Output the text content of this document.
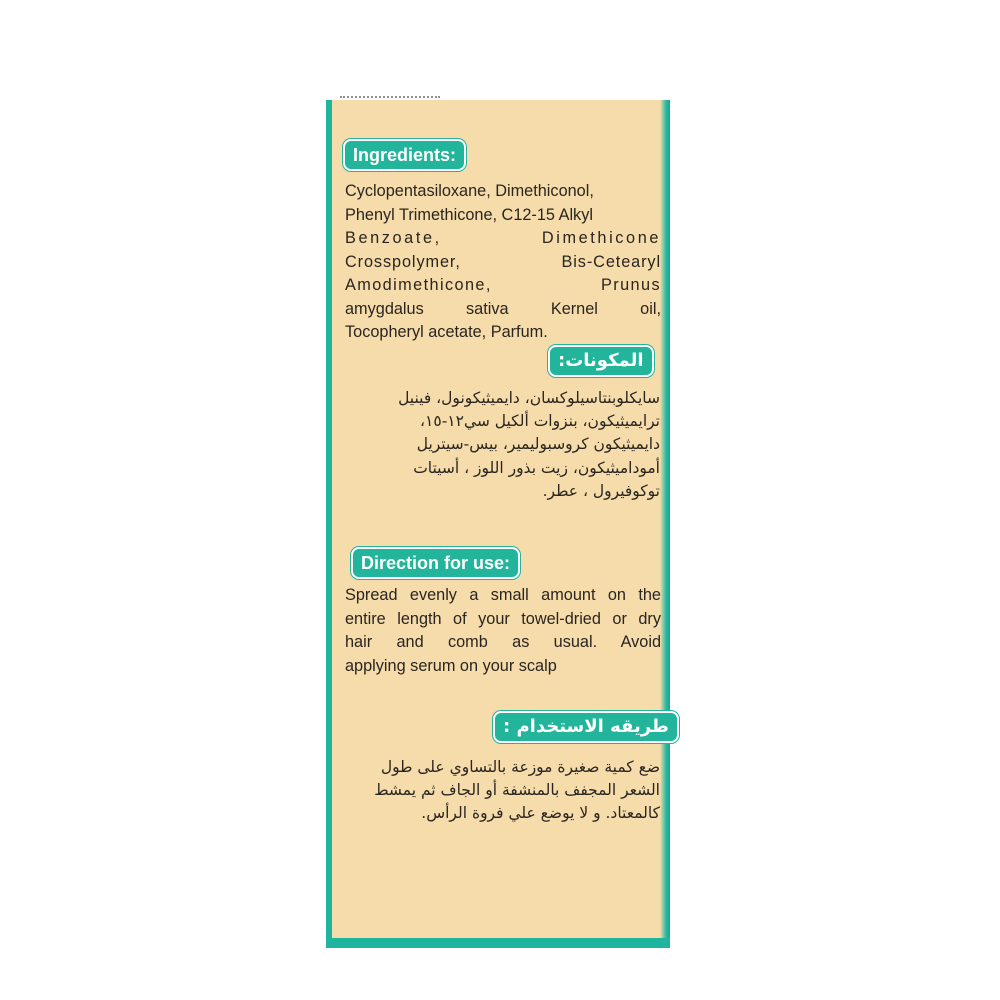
Ingredients:
Cyclopentasiloxane, Dimethiconol,
Phenyl Trimethicone, C12-15 Alkyl
Benzoate, Dimethicone
Crosspolymer, Bis-Cetearyl
Amodimethicone, Prunus
amygdalus sativa Kernel oil,
Tocopheryl acetate, Parfum.
المكونات:
سايكلوبنتاسيلوكسان، دايميثيكونول، فينيل
ترايميثيكون، بنزوات ألكيل سي١٢-١٥،
دايميثيكون كروسبوليمير، بيس-سيتريل
أموداميثيكون، زيت بذور اللوز ، أسيتات
توكوفيرول ، عطر.
Direction for use:
Spread evenly a small amount on the
entire length of your towel-dried or dry
hair and comb as usual. Avoid
applying serum on your scalp
طريقه الاستخدام :
ضع كمية صغيرة موزعة بالتساوي على طول
الشعر المجفف بالمنشفة أو الجاف ثم يمشط
كالمعتاد. و لا يوضع علي فروة الرأس.
